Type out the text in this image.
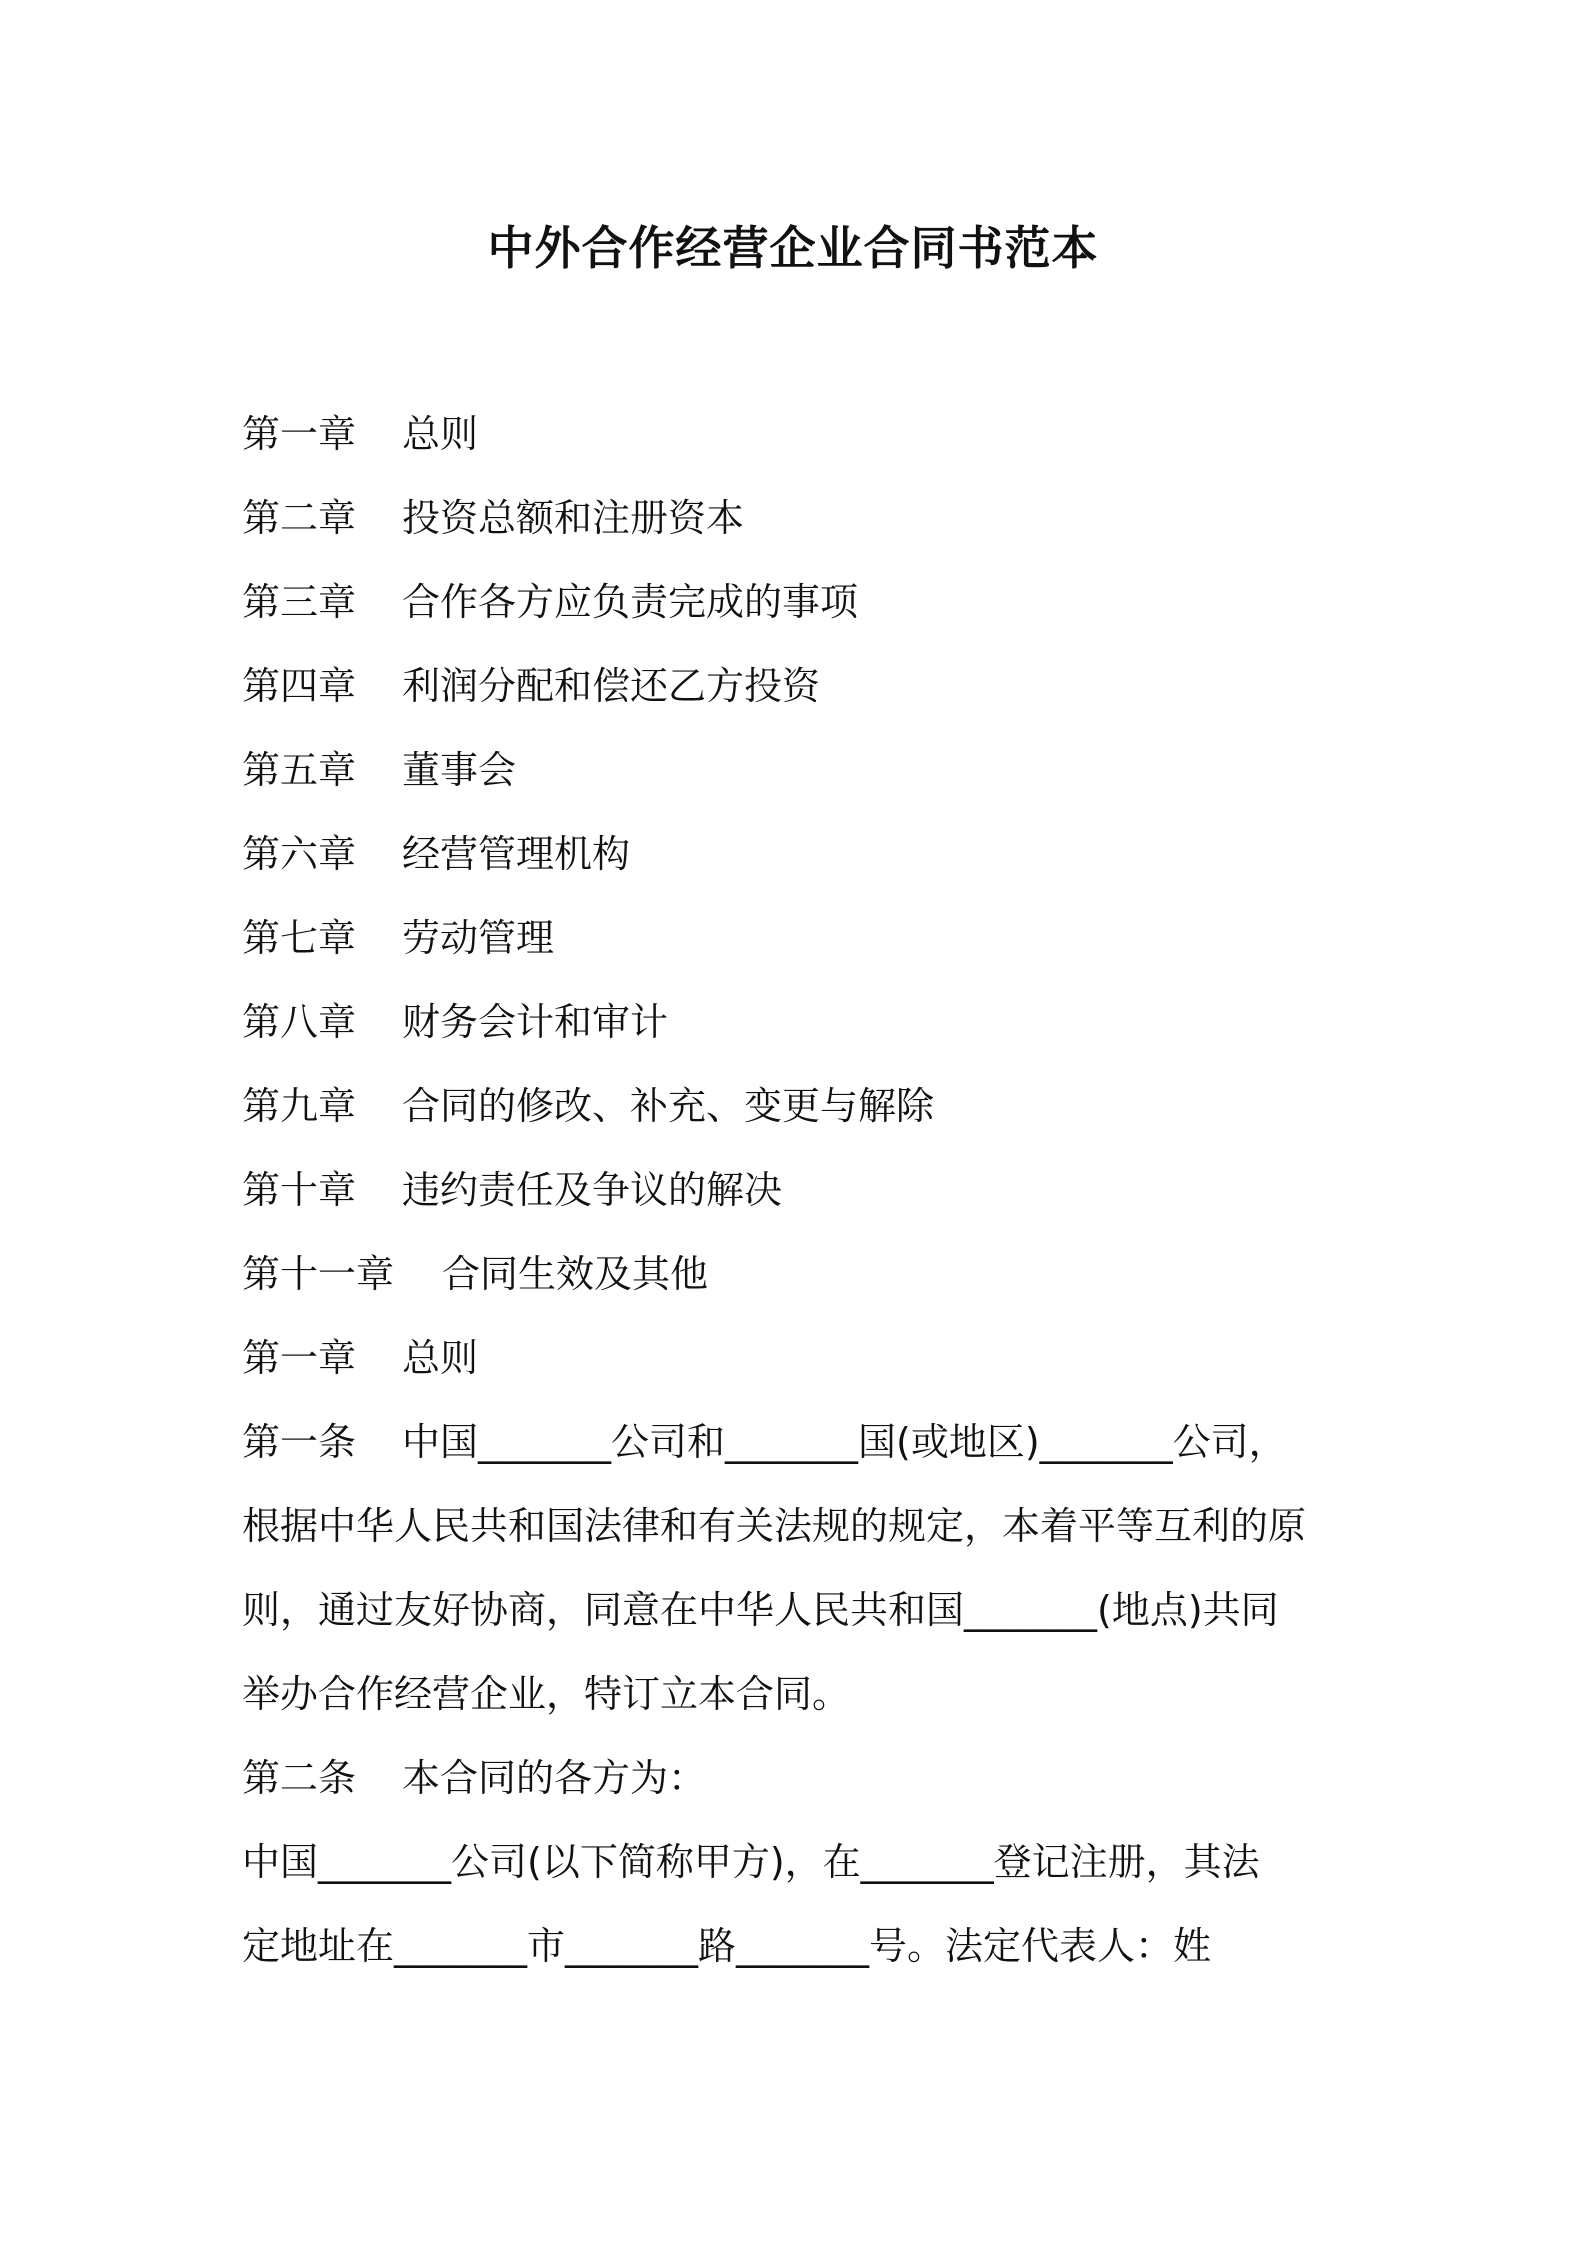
中外合作经营企业合同书范本
第一章 总则
第二章 投资总额和注册资本
第三章 合作各方应负责完成的事项
第四章 利润分配和偿还乙方投资
第五章 董事会
第六章 经营管理机构
第七章 劳动管理
第八章 财务会计和审计
第九章 合同的修改、补充、变更与解除
第十章 违约责任及争议的解决
第十一章 合同生效及其他
第一章 总则
第一条 中国_______公司和_______国(或地区)_______公司，
根据中华人民共和国法律和有关法规的规定，本着平等互利的原
则，通过友好协商，同意在中华人民共和国_______(地点)共同
举办合作经营企业，特订立本合同。
第二条 本合同的各方为：
中国_______公司(以下简称甲方)，在_______登记注册，其法
定地址在_______市_______路_______号。法定代表人：姓
